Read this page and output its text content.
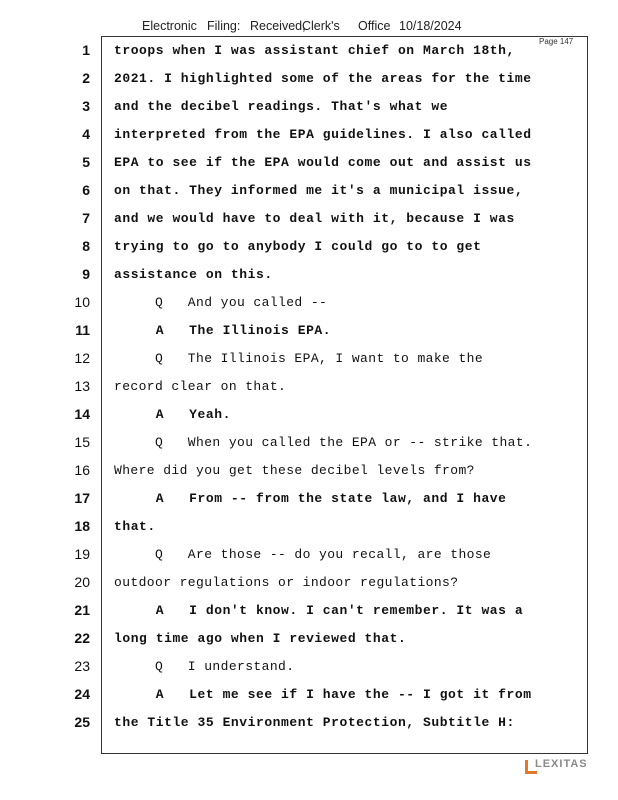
Electronic Filing: Received,
Clerk's Office 10/18/2024
Page 147
1 troops when I was assistant chief on March 18th,
2 2021. I highlighted some of the areas for the time
3 and the decibel readings. That's what we
4 interpreted from the EPA guidelines. I also called
5 EPA to see if the EPA would come out and assist us
6 on that. They informed me it's a municipal issue,
7 and we would have to deal with it, because I was
8 trying to go to anybody I could go to to get
9 assistance on this.
10 Q   And you called --
11 A   The Illinois EPA.
12 Q   The Illinois EPA, I want to make the
13 record clear on that.
14 A   Yeah.
15 Q   When you called the EPA or -- strike that.
16 Where did you get these decibel levels from?
17 A   From -- from the state law, and I have
18 that.
19 Q   Are those -- do you recall, are those
20 outdoor regulations or indoor regulations?
21 A   I don't know. I can't remember. It was a
22 long time ago when I reviewed that.
23 Q   I understand.
24 A   Let me see if I have the -- I got it from
25 the Title 35 Environment Protection, Subtitle H:
LEXITAS
